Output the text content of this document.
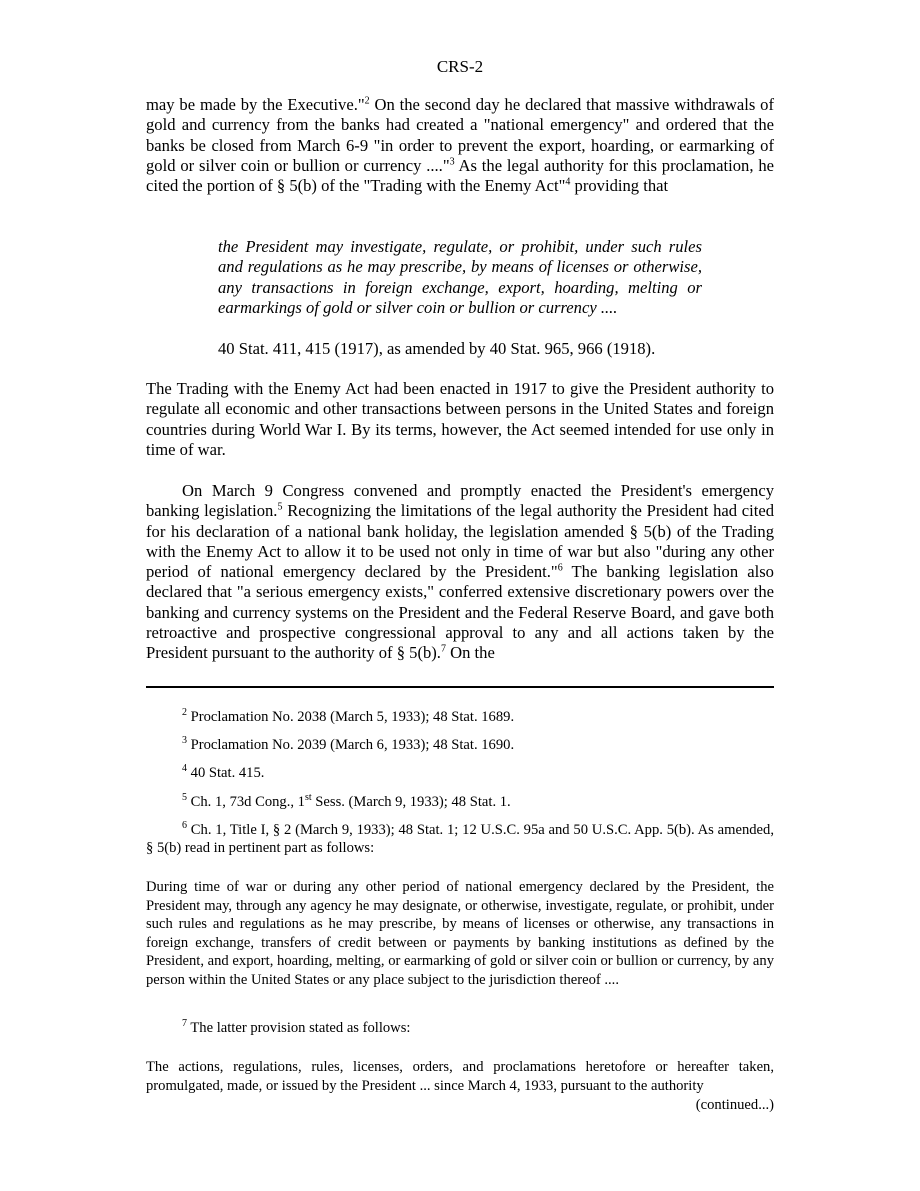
CRS-2
may be made by the Executive."$^2$ On the second day he declared that massive withdrawals of gold and currency from the banks had created a "national emergency" and ordered that the banks be closed from March 6-9 "in order to prevent the export, hoarding, or earmarking of gold or silver coin or bullion or currency ...."$^3$ As the legal authority for this proclamation, he cited the portion of § 5(b) of the "Trading with the Enemy Act"$^4$ providing that
the President may investigate, regulate, or prohibit, under such rules and regulations as he may prescribe, by means of licenses or otherwise, any transactions in foreign exchange, export, hoarding, melting or earmarkings of gold or silver coin or bullion or currency ....
40 Stat. 411, 415 (1917), as amended by 40 Stat. 965, 966 (1918).
The Trading with the Enemy Act had been enacted in 1917 to give the President authority to regulate all economic and other transactions between persons in the United States and foreign countries during World War I. By its terms, however, the Act seemed intended for use only in time of war.
On March 9 Congress convened and promptly enacted the President's emergency banking legislation.$^5$ Recognizing the limitations of the legal authority the President had cited for his declaration of a national bank holiday, the legislation amended § 5(b) of the Trading with the Enemy Act to allow it to be used not only in time of war but also "during any other period of national emergency declared by the President."$^6$ The banking legislation also declared that "a serious emergency exists," conferred extensive discretionary powers over the banking and currency systems on the President and the Federal Reserve Board, and gave both retroactive and prospective congressional approval to any and all actions taken by the President pursuant to the authority of § 5(b).$^7$ On the
$^2$ Proclamation No. 2038 (March 5, 1933); 48 Stat. 1689.
$^3$ Proclamation No. 2039 (March 6, 1933); 48 Stat. 1690.
$^4$ 40 Stat. 415.
$^5$ Ch. 1, 73d Cong., 1st Sess. (March 9, 1933); 48 Stat. 1.
$^6$ Ch. 1, Title I, § 2 (March 9, 1933); 48 Stat. 1; 12 U.S.C. 95a and 50 U.S.C. App. 5(b). As amended, § 5(b) read in pertinent part as follows:
During time of war or during any other period of national emergency declared by the President, the President may, through any agency he may designate, or otherwise, investigate, regulate, or prohibit, under such rules and regulations as he may prescribe, by means of licenses or otherwise, any transactions in foreign exchange, transfers of credit between or payments by banking institutions as defined by the President, and export, hoarding, melting, or earmarking of gold or silver coin or bullion or currency, by any person within the United States or any place subject to the jurisdiction thereof ....
$^7$ The latter provision stated as follows:
The actions, regulations, rules, licenses, orders, and proclamations heretofore or hereafter taken, promulgated, made, or issued by the President ... since March 4, 1933, pursuant to the authority
(continued...)
